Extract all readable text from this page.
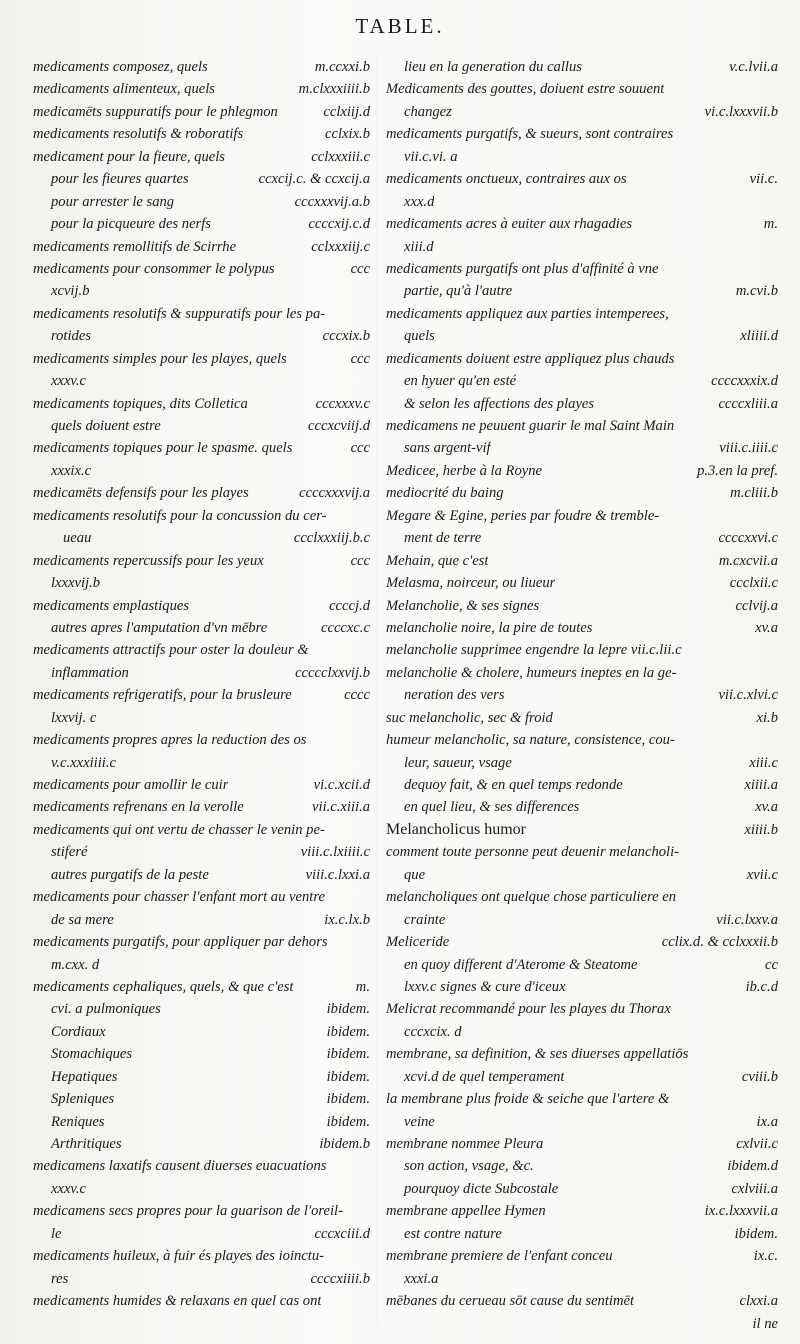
TABLE.
medicaments composez, quels	m.ccxxi.b
medicaments alimenteux, quels	m.clxxxiiii.b
medicamēts suppuratifs pour le phlegmon	cclxiij.d
medicaments resolutifs & roboratifs	cclxix.b
medicament pour la fieure, quels	cclxxxiii.c
pour les fieures quartes	ccxcij.c. & ccxcij.a
pour arrester le sang	cccxxxvij.a.b
pour la picqueure des nerfs	ccccxij.c.d
medicaments remollitifs de Scirrhe	cclxxxiij.c
medicaments pour consommer le polypus	ccc
xcvij.b
medicaments resolutifs & suppuratifs pour les pa-
rotides	cccxix.b
medicaments simples pour les playes, quels	ccc
xxxv.c
medicaments topiques, dits Colletica	cccxxxv.c
quels doiuent estre	cccxcviij.d
medicaments topiques pour le spasme. quels	ccc
xxxix.c
medicamēts defensifs pour les playes	ccccxxxvij.a
medicaments resolutifs pour la concussion du cer-
ueau	ccclxxxiij.b.c
medicaments repercussifs pour les yeux	ccc
lxxxvij.b
medicaments emplastiques	ccccj.d
autres apres l'amputation d'vn mēbre	ccccxc.c
medicaments attractifs pour oster la douleur &
inflammation	ccccclxxvij.b
medicaments refrigeratifs, pour la brusleure	cccc
lxxvij. c
medicaments propres apres la reduction des os
v.c.xxxiiii.c
medicaments pour amollir le cuir	vi.c.xcii.d
medicaments refrenans en la verolle	vii.c.xiii.a
medicaments qui ont vertu de chasser le venin pe-
stiferé	viii.c.lxiiii.c
autres purgatifs de la peste	viii.c.lxxi.a
medicaments pour chasser l'enfant mort au ventre
de sa mere	ix.c.lx.b
medicaments purgatifs, pour appliquer par dehors
m.cxx. d
medicaments cephaliques, quels, & que c'est	m.
cvi. a pulmoniques	ibidem.
Cordiaux	ibidem.
Stomachiques	ibidem.
Hepatiques	ibidem.
Spleniques	ibidem.
Reniques	ibidem.
Arthritiques	ibidem.b
medicamens laxatifs causent diuerses euacuations
xxxv.c
medicamens secs propres pour la guarison de l'oreil-
le	cccxciii.d
medicaments huileux, à fuir és playes des ioinctu-
res	ccccxiiii.b
medicaments humides & relaxans en quel cas ont
lieu en la generation du callus	v.c.lvii.a
Medicaments des gouttes, doiuent estre souuent
changez	vi.c.lxxxvii.b
medicaments purgatifs, & sueurs, sont contraires
vii.c.vi. a
medicaments onctueux, contraires aux os	vii.c.
xxx.d
medicaments acres à euiter aux rhagadies	m.
xiii.d
medicaments purgatifs ont plus d'affinité à vne
partie, qu'à l'autre	m.cvi.b
medicaments appliquez aux parties intemperees,
quels	xliiii.d
medicaments doiuent estre appliquez plus chauds
en hyuer qu'en esté	ccccxxxix.d
& selon les affections des playes	ccccxliii.a
medicamens ne peuuent guarir le mal Saint Main
sans argent-vif	viii.c.iiii.c
Medicee, herbe à la Royne	p.3.en la pref.
mediocrité du baing	m.cliii.b
Megare & Egine, peries par foudre & tremble-
ment de terre	ccccxxvi.c
Mehain, que c'est	m.cxcvii.a
Melasma, noirceur, ou liueur	ccclxii.c
Melancholie, & ses signes	cclvij.a
melancholie noire, la pire de toutes	xv.a
melancholie supprimee engendre la lepre vii.c.lii.c
melancholie & cholere, humeurs ineptes en la ge-
neration des vers	vii.c.xlvi.c
suc melancholic, sec & froid	xi.b
humeur melancholic, sa nature, consistence, cou-
leur, saueur, vsage	xiii.c
dequoy fait, & en quel temps redonde	xiiii.a
en quel lieu, & ses differences	xv.a
Melancholicus humor	xiiii.b
comment toute personne peut deuenir melancholi-
que	xvii.c
melancholiques ont quelque chose particuliere en
crainte	vii.c.lxxv.a
Meliceride	cclix.d. & cclxxxii.b
en quoy different d'Aterome & Steatome	cc
lxxv.c signes & cure d'iceux	ib.c.d
Melicrat recommandé pour les playes du Thorax
cccxcix. d
membrane, sa definition, & ses diuerses appellatiōs
xcvi.d de quel temperament	cviii.b
la membrane plus froide & seiche que l'artere &
veine	ix.a
membrane nommee Pleura	cxlvii.c
son action, vsage, &c.	ibidem.d
pourquoy dicte Subcostale	cxlviii.a
membrane appellee Hymen	ix.c.lxxxvii.a
est contre nature	ibidem.
membrane premiere de l'enfant conceu	ix.c.
xxxi.a
mēbanes du cerueau sōt cause du sentimēt	clxxi.a
il ne
